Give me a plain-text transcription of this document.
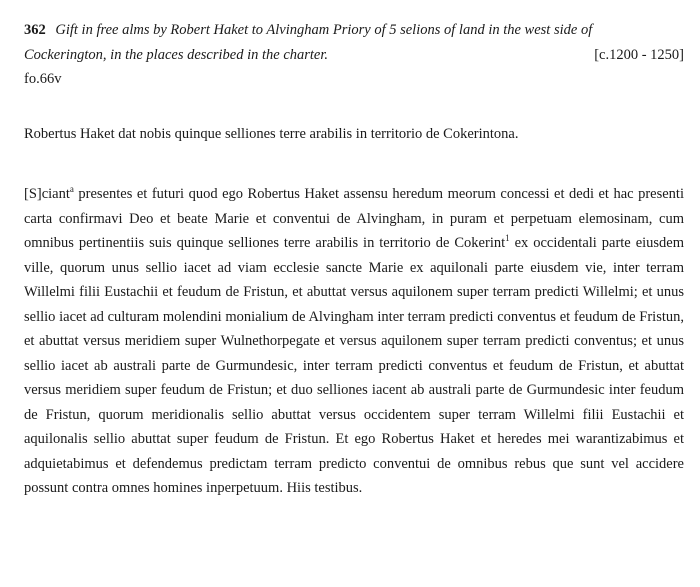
[c.1200 - 1250]
362 Gift in free alms by Robert Haket to Alvingham Priory of 5 selions of land in the west side of Cockerington, in the places described in the charter.
fo.66v
Robertus Haket dat nobis quinque selliones terre arabilis in territorio de Cokerintona.
[S]ciant$^a$ presentes et futuri quod ego Robertus Haket assensu heredum meorum concessi et dedi et hac presenti carta confirmavi Deo et beate Marie et conventui de Alvingham, in puram et perpetuam elemosinam, cum omnibus pertinentiis suis quinque selliones terre arabilis in territorio de Cokerint$^1$ ex occidentali parte eiusdem ville, quorum unus sellio iacet ad viam ecclesie sancte Marie ex aquilonali parte eiusdem vie, inter terram Willelmi filii Eustachii et feudum de Fristun, et abuttat versus aquilonem super terram predicti Willelmi; et unus sellio iacet ad culturam molendini monialium de Alvingham inter terram predicti conventus et feudum de Fristun, et abuttat versus meridiem super Wulnethorpegate et versus aquilonem super terram predicti conventus; et unus sellio iacet ab australi parte de Gurmundesic, inter terram predicti conventus et feudum de Fristun, et abuttat versus meridiem super feudum de Fristun; et duo selliones iacent ab australi parte de Gurmundesic inter feudum de Fristun, quorum meridionalis sellio abuttat versus occidentem super terram Willelmi filii Eustachii et aquilonalis sellio abuttat super feudum de Fristun. Et ego Robertus Haket et heredes mei warantizabimus et adquietabimus et defendemus predictam terram predicto conventui de omnibus rebus que sunt vel accidere possunt contra omnes homines inperpetuum. Hiis testibus.
